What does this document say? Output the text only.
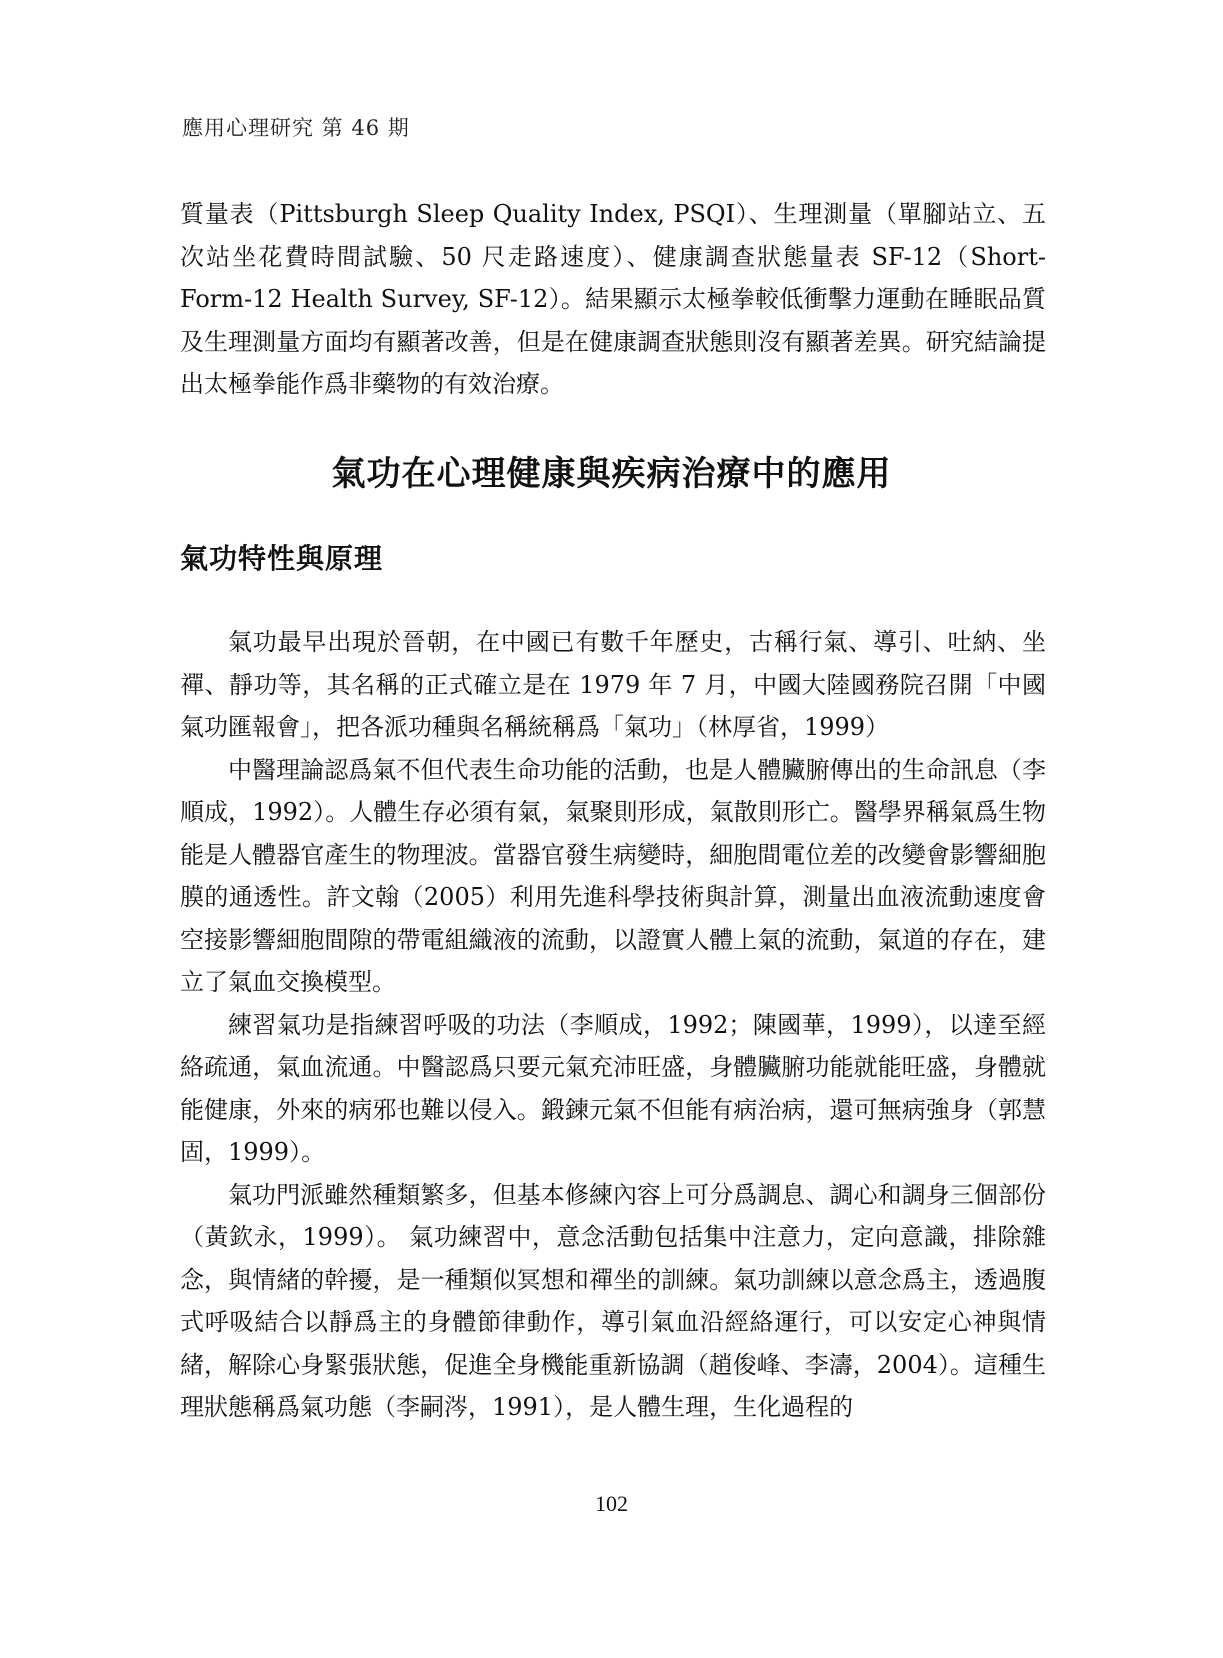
應用心理研究 第 46 期
質量表（Pittsburgh Sleep Quality Index, PSQI）、生理測量（單腳站立、五次站坐花費時間試驗、50 尺走路速度）、健康調查狀態量表 SF-12（Short-Form-12 Health Survey, SF-12）。結果顯示太極拳較低衝擊力運動在睡眠品質及生理測量方面均有顯著改善，但是在健康調查狀態則沒有顯著差異。研究結論提出太極拳能作爲非藥物的有效治療。
氣功在心理健康與疾病治療中的應用
氣功特性與原理

氣功最早出現於晉朝，在中國已有數千年歷史，古稱行氣、導引、吐納、坐禪、靜功等，其名稱的正式確立是在 1979 年 7 月，中國大陸國務院召開「中國氣功匯報會」，把各派功種與名稱統稱爲「氣功」（林厚省，1999）

中醫理論認爲氣不但代表生命功能的活動，也是人體臟腑傳出的生命訊息（李順成，1992）。人體生存必須有氣，氣聚則形成，氣散則形亡。醫學界稱氣爲生物能是人體器官產生的物理波。當器官發生病變時，細胞間電位差的改變會影響細胞膜的通透性。許文翰（2005）利用先進科學技術與計算，測量出血液流動速度會空接影響細胞間隙的帶電組織液的流動，以證實人體上氣的流動，氣道的存在，建立了氣血交換模型。

練習氣功是指練習呼吸的功法（李順成，1992；陳國華，1999），以達至經絡疏通，氣血流通。中醫認爲只要元氣充沛旺盛，身體臟腑功能就能旺盛，身體就能健康，外來的病邪也難以侵入。鍛鍊元氣不但能有病治病，還可無病強身（郭慧固，1999）。

氣功門派雖然種類繁多，但基本修練內容上可分爲調息、調心和調身三個部份（黃欽永，1999）。 氣功練習中，意念活動包括集中注意力，定向意識，排除雜念，與情緒的幹擾，是一種類似冥想和禪坐的訓練。氣功訓練以意念爲主，透過腹式呼吸結合以靜爲主的身體節律動作，導引氣血沿經絡運行，可以安定心神與情緒，解除心身緊張狀態，促進全身機能重新協調（趙俊峰、李濤，2004）。這種生理狀態稱爲氣功態（李嗣涔，1991），是人體生理，生化過程的

102
